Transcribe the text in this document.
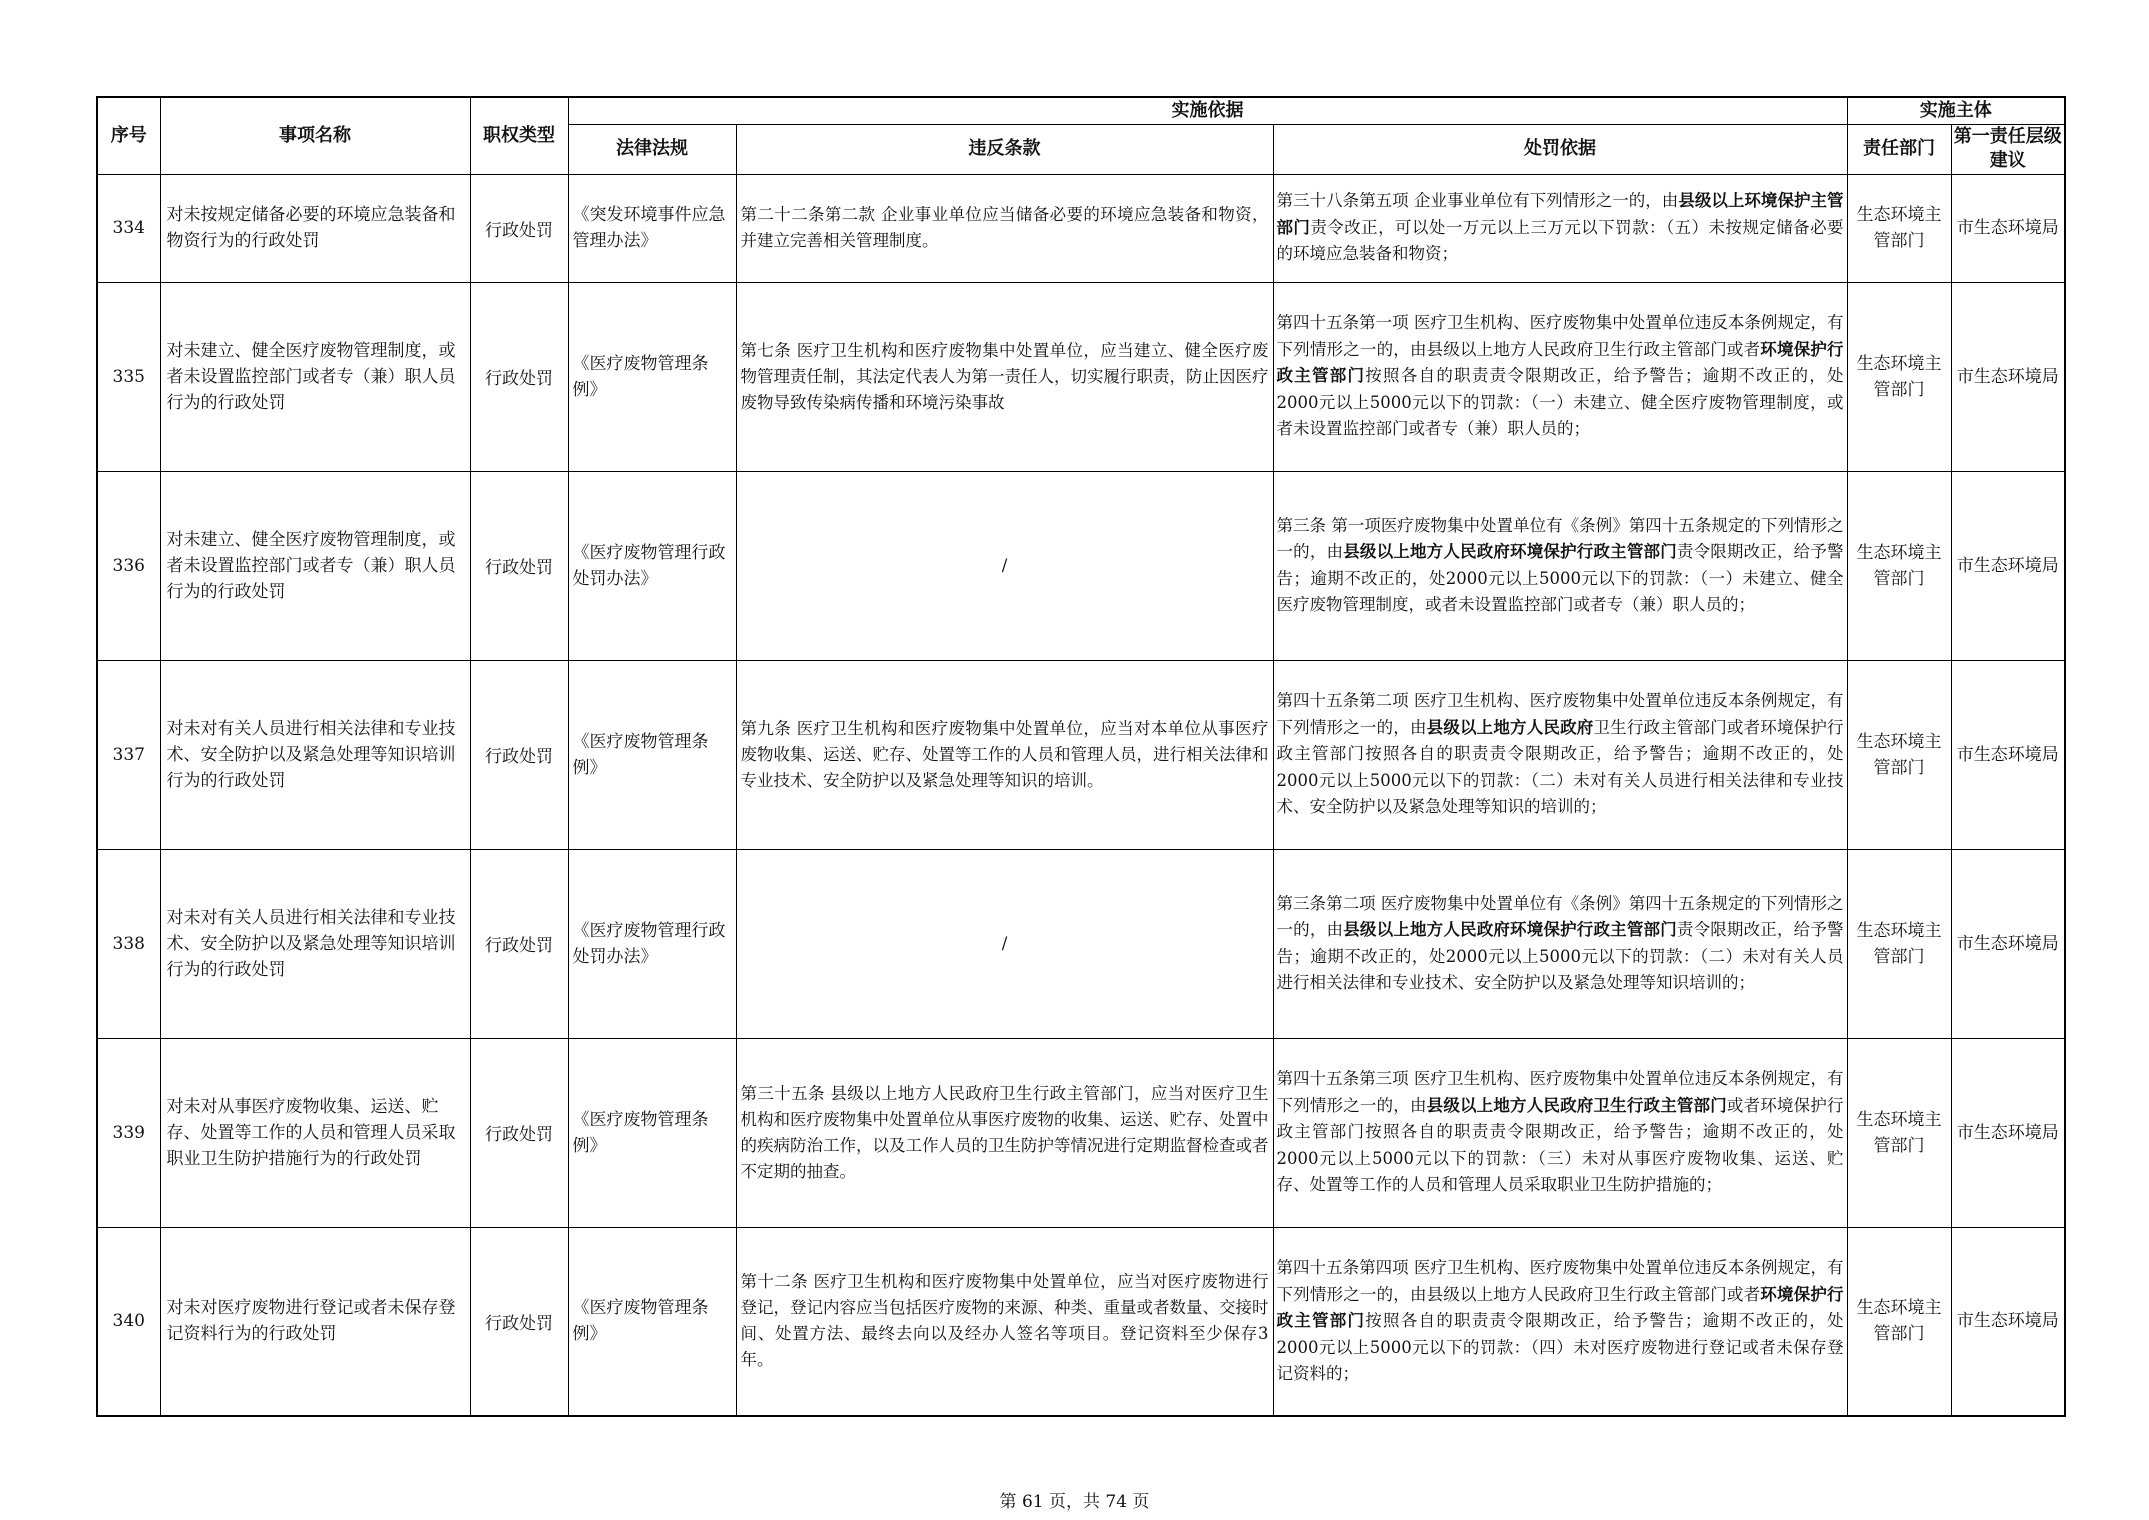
序号	事项名称	职权类型	实施依据			实施主体	
			法律法规	违反条款	处罚依据	责任部门	第一责任层级建议
334	对未按规定储备必要的环境应急装备和物资行为的行政处罚	行政处罚	《突发环境事件应急管理办法》	第二十二条第二款 企业事业单位应当储备必要的环境应急装备和物资，并建立完善相关管理制度。	第三十八条第五项 企业事业单位有下列情形之一的，由县级以上环境保护主管部门责令改正，可以处一万元以上三万元以下罚款：（五）未按规定储备必要的环境应急装备和物资；	生态环境主管部门	市生态环境局
335	对未建立、健全医疗废物管理制度，或者未设置监控部门或者专（兼）职人员行为的行政处罚	行政处罚	《医疗废物管理条例》	第七条 医疗卫生机构和医疗废物集中处置单位，应当建立、健全医疗废物管理责任制，其法定代表人为第一责任人，切实履行职责，防止因医疗废物导致传染病传播和环境污染事故	第四十五条第一项 医疗卫生机构、医疗废物集中处置单位违反本条例规定，有下列情形之一的，由县级以上地方人民政府卫生行政主管部门或者环境保护行政主管部门按照各自的职责责令限期改正，给予警告；逾期不改正的，处2000元以上5000元以下的罚款：（一）未建立、健全医疗废物管理制度，或者未设置监控部门或者专（兼）职人员的；	生态环境主管部门	市生态环境局
336	对未建立、健全医疗废物管理制度，或者未设置监控部门或者专（兼）职人员行为的行政处罚	行政处罚	《医疗废物管理行政处罚办法》	/	第三条 第一项医疗废物集中处置单位有《条例》第四十五条规定的下列情形之一的，由县级以上地方人民政府环境保护行政主管部门责令限期改正，给予警告；逾期不改正的，处2000元以上5000元以下的罚款：（一）未建立、健全医疗废物管理制度，或者未设置监控部门或者专（兼）职人员的；	生态环境主管部门	市生态环境局
337	对未对有关人员进行相关法律和专业技术、安全防护以及紧急处理等知识培训行为的行政处罚	行政处罚	《医疗废物管理条例》	第九条 医疗卫生机构和医疗废物集中处置单位，应当对本单位从事医疗废物收集、运送、贮存、处置等工作的人员和管理人员，进行相关法律和专业技术、安全防护以及紧急处理等知识的培训。	第四十五条第二项 医疗卫生机构、医疗废物集中处置单位违反本条例规定，有下列情形之一的，由县级以上地方人民政府卫生行政主管部门或者环境保护行政主管部门按照各自的职责责令限期改正，给予警告；逾期不改正的，处2000元以上5000元以下的罚款：（二）未对有关人员进行相关法律和专业技术、安全防护以及紧急处理等知识的培训的；	生态环境主管部门	市生态环境局
338	对未对有关人员进行相关法律和专业技术、安全防护以及紧急处理等知识培训行为的行政处罚	行政处罚	《医疗废物管理行政处罚办法》	/	第三条第二项 医疗废物集中处置单位有《条例》第四十五条规定的下列情形之一的，由县级以上地方人民政府环境保护行政主管部门责令限期改正，给予警告；逾期不改正的，处2000元以上5000元以下的罚款：（二）未对有关人员进行相关法律和专业技术、安全防护以及紧急处理等知识培训的；	生态环境主管部门	市生态环境局
339	对未对从事医疗废物收集、运送、贮存、处置等工作的人员和管理人员采取职业卫生防护措施行为的行政处罚	行政处罚	《医疗废物管理条例》	第三十五条 县级以上地方人民政府卫生行政主管部门，应当对医疗卫生机构和医疗废物集中处置单位从事医疗废物的收集、运送、贮存、处置中的疾病防治工作，以及工作人员的卫生防护等情况进行定期监督检查或者不定期的抽查。	第四十五条第三项 医疗卫生机构、医疗废物集中处置单位违反本条例规定，有下列情形之一的，由县级以上地方人民政府卫生行政主管部门或者环境保护行政主管部门按照各自的职责责令限期改正，给予警告；逾期不改正的，处2000元以上5000元以下的罚款：（三）未对从事医疗废物收集、运送、贮存、处置等工作的人员和管理人员采取职业卫生防护措施的；	生态环境主管部门	市生态环境局
340	对未对医疗废物进行登记或者未保存登记资料行为的行政处罚	行政处罚	《医疗废物管理条例》	第十二条 医疗卫生机构和医疗废物集中处置单位，应当对医疗废物进行登记，登记内容应当包括医疗废物的来源、种类、重量或者数量、交接时间、处置方法、最终去向以及经办人签名等项目。登记资料至少保存3年。	第四十五条第四项 医疗卫生机构、医疗废物集中处置单位违反本条例规定，有下列情形之一的，由县级以上地方人民政府卫生行政主管部门或者环境保护行政主管部门按照各自的职责责令限期改正，给予警告；逾期不改正的，处2000元以上5000元以下的罚款：（四）未对医疗废物进行登记或者未保存登记资料的；	生态环境主管部门	市生态环境局
第 61 页，共 74 页
